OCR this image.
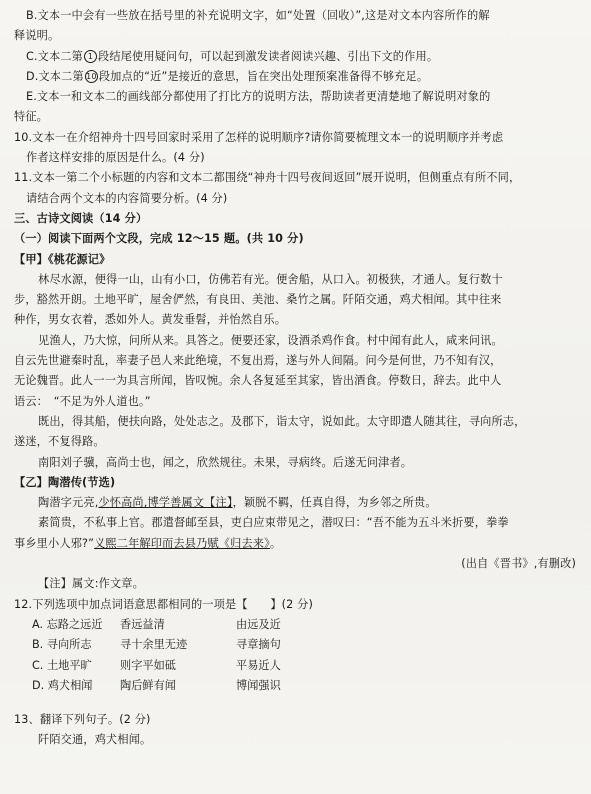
B.文本一中会有一些放在括号里的补充说明文字，如“处置（回收）”,这是对文本内容所作的解
释说明。
C.文本二第 1 段结尾使用疑问句，可以起到激发读者阅读兴趣、引出下文的作用。
D.文本二第 10 段加点的“近”是接近的意思，旨在突出处理预案准备得不够充足。
E.文本一和文本二的画线部分都使用了打比方的说明方法，帮助读者更清楚地了解说明对象的
特征。
10.文本一在介绍神舟十四号回家时采用了怎样的说明顺序?请你简要梳理文本一的说明顺序并考虑
作者这样安排的原因是什么。(4 分)
11.文本一第二个小标题的内容和文本二都围绕“神舟十四号夜间返回”展开说明，但侧重点有所不同，
请结合两个文本的内容简要分析。(4 分)
三、古诗文阅读（14 分）
（一）阅读下面两个文段，完成 12～15 题。(共 10 分)
【甲】《桃花源记》
林尽水源，便得一山，山有小口，仿佛若有光。便舍船，从口入。初极狭，才通人。复行数十
步，豁然开朗。土地平旷，屋舍俨然，有良田、美池、桑竹之属。阡陌交通，鸡犬相闻。其中往来
种作，男女衣着，悉如外人。黄发垂髫，并怡然自乐。
见渔人，乃大惊，问所从来。具答之。便要还家，设酒杀鸡作食。村中闻有此人，咸来问讯。
自云先世避秦时乱，率妻子邑人来此绝境，不复出焉，遂与外人间隔。问今是何世，乃不知有汉，
无论魏晋。此人一一为具言所闻，皆叹惋。余人各复延至其家，皆出酒食。停数日，辞去。此中人
语云：　“不足为外人道也。”
既出，得其船，便扶向路，处处志之。及郡下，诣太守，说如此。太守即遣人随其往，寻向所志，
遂迷，不复得路。
南阳刘子骥，高尚士也，闻之，欣然规往。未果，寻病终。后遂无问津者。
【乙】陶潜传(节选)
陶潜字元亮,少怀高尚,博学善属文【注】，颖脱不羁，任真自得，为乡邻之所贵。
素简贵，不私事上官。郡遣督邮至县，吏白应束带见之，潜叹曰：“吾不能为五斗米折要，拳拳
事乡里小人邪?”义熙二年解印而去县乃赋《归去来》。
(出自《晋书》,有删改)
【注】属文:作文章。
12.下列选项中加点词语意思都相同的一项是【　　】(2 分)
A. 忘路之远近	香远益清	由远及近
B. 寻向所志	寻十余里无迹	寻章摘句
C. 土地平旷	则字平如砥	平易近人
D. 鸡犬相闻	陶后鲜有闻	博闻强识
13、翻译下列句子。(2 分)
阡陌交通，鸡犬相闻。
